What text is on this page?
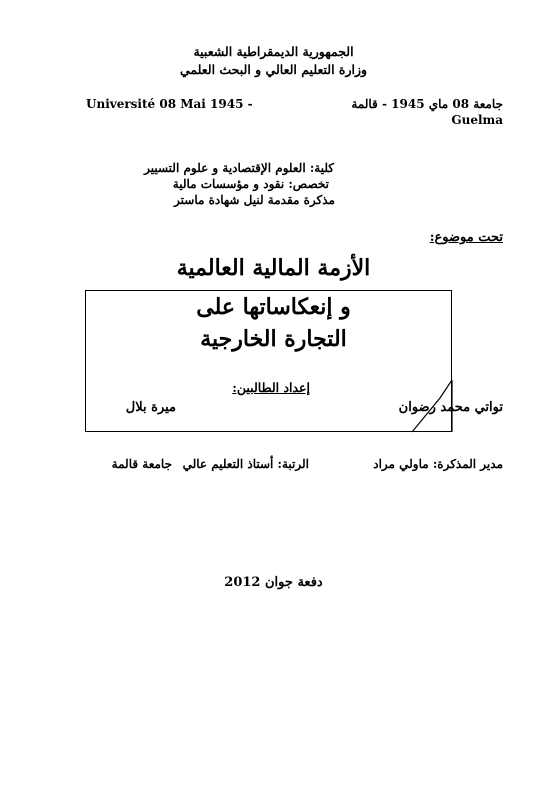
الجمهورية الديمقراطية الشعبية
وزارة التعليم العالي و البحث العلمي
Université 08 Mai 1945 -	جامعة 08 ماي 1945 - قالمة
Guelma
كلية: العلوم الإقتصادية و علوم التسيير
تخصص: نقود و مؤسسات مالية
مذكرة مقدمة لنيل شهادة ماستر
تحت موضوع:
الأزمة المالية العالمية
و إنعكاساتها على
التجارة الخارجية
إعداد الطالبين:
تواتي محمد رضوان
ميرة بلال
مدير المذكرة: ماولي مراد
الرتبة: أستاذ التعليم عالي
جامعة قالمة
دفعة جوان 2012
